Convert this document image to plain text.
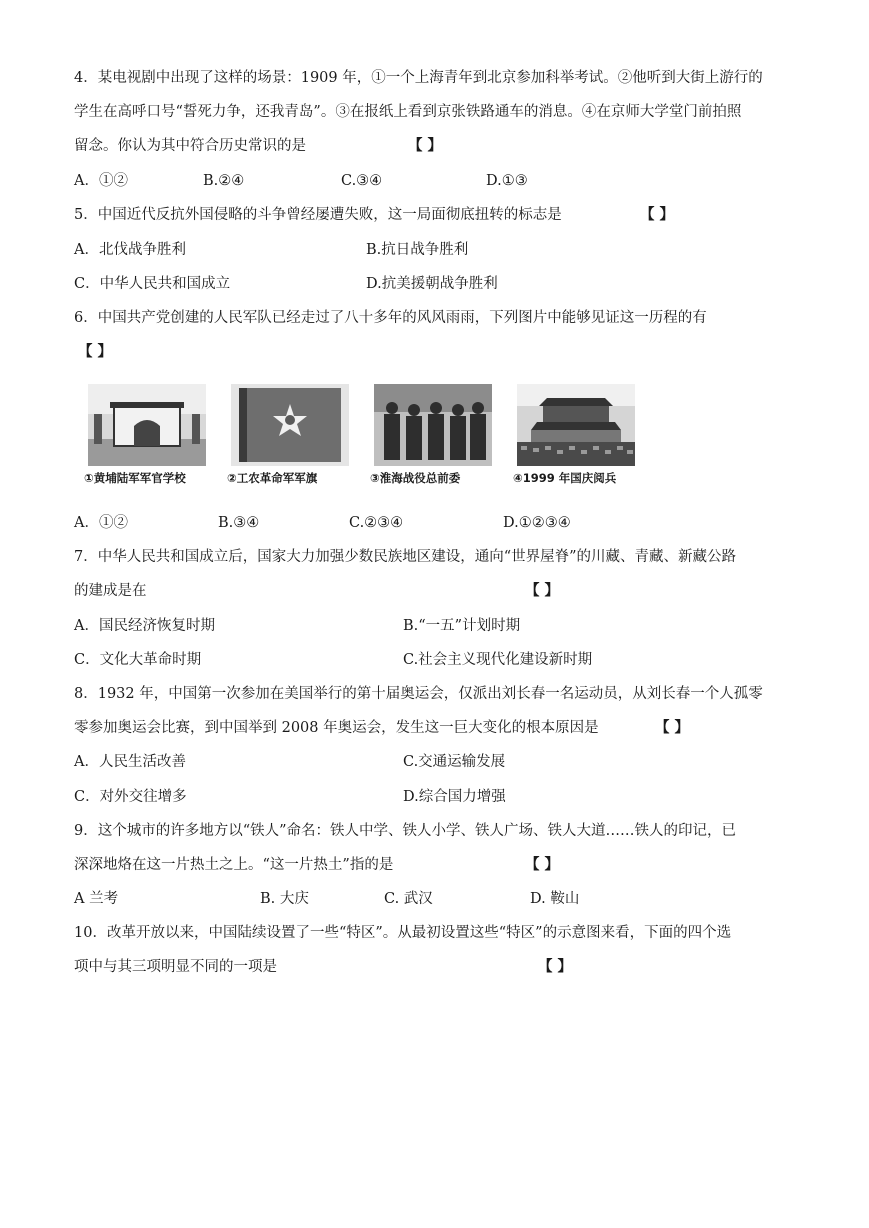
4．某电视剧中出现了这样的场景：1909 年，①一个上海青年到北京参加科举考试。②他听到大街上游行的
学生在高呼口号“誓死力争，还我青岛”。③在报纸上看到京张铁路通车的消息。④在京师大学堂门前拍照
留念。你认为其中符合历史常识的是	【 】
A．①②	B.②④	C.③④	D.①③
5．中国近代反抗外国侵略的斗争曾经屡遭失败，这一局面彻底扭转的标志是	【 】
A．北伐战争胜利	B.抗日战争胜利
C．中华人民共和国成立	D.抗美援朝战争胜利
6．中国共产党创建的人民军队已经走过了八十多年的风风雨雨，下列图片中能够见证这一历程的有
【 】
①黄埔陆军军官学校	②工农革命军军旗	③淮海战役总前委	④1999 年国庆阅兵
A．①②	B.③④	C.②③④	D.①②③④
7．中华人民共和国成立后，国家大力加强少数民族地区建设，通向“世界屋脊”的川藏、青藏、新藏公路
的建成是在	【 】
A．国民经济恢复时期	B.“一五”计划时期
C．文化大革命时期	C.社会主义现代化建设新时期
8．1932 年，中国第一次参加在美国举行的第十届奥运会，仅派出刘长春一名运动员，从刘长春一个人孤零
零参加奥运会比赛，到中国举到 2008 年奥运会，发生这一巨大变化的根本原因是	【 】
A．人民生活改善	C.交通运输发展
C．对外交往增多	D.综合国力增强
9．这个城市的许多地方以“铁人”命名：铁人中学、铁人小学、铁人广场、铁人大道……铁人的印记，已
深深地烙在这一片热土之上。“这一片热土”指的是	【 】
A 兰考	B. 大庆	C. 武汉	D. 鞍山
10．改革开放以来，中国陆续设置了一些“特区”。从最初设置这些“特区”的示意图来看，下面的四个选
项中与其三项明显不同的一项是	【 】
